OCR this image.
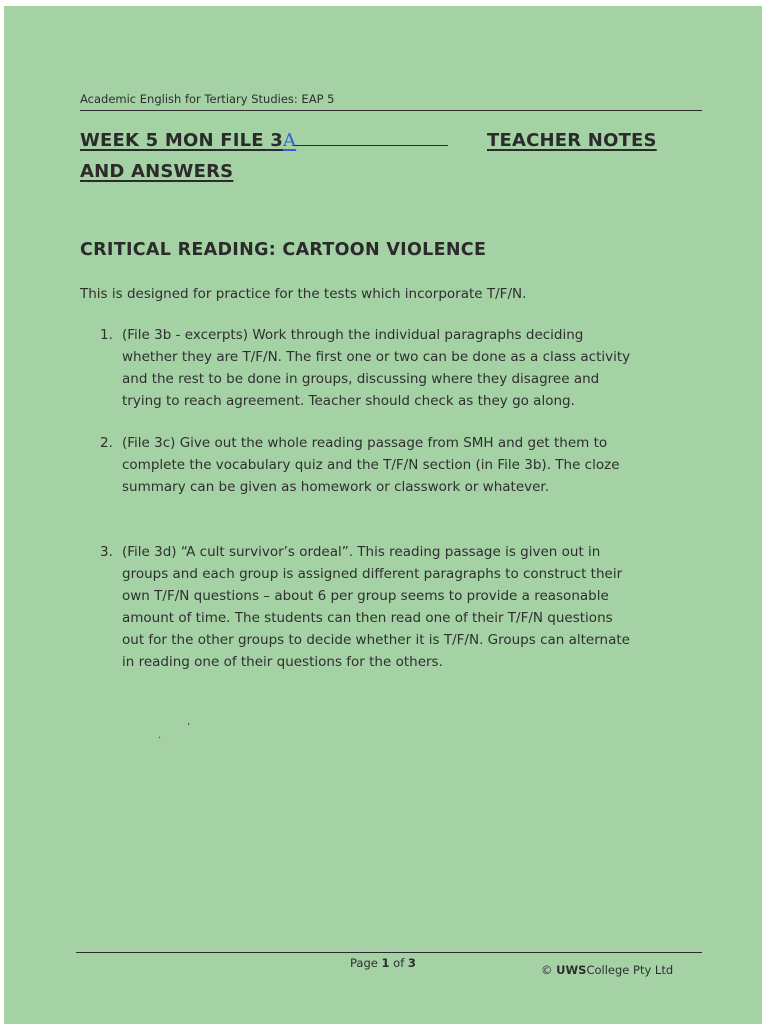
Academic English for Tertiary Studies: EAP 5
WEEK 5 MON FILE 3A	TEACHER NOTES
AND ANSWERS
CRITICAL READING: CARTOON VIOLENCE
This is designed for practice for the tests which incorporate T/F/N.
1. (File 3b - excerpts) Work through the individual paragraphs deciding
whether they are T/F/N. The first one or two can be done as a class activity
and the rest to be done in groups, discussing where they disagree and
trying to reach agreement. Teacher should check as they go along.
2. (File 3c) Give out the whole reading passage from SMH and get them to
complete the vocabulary quiz and the T/F/N section (in File 3b). The cloze
summary can be given as homework or classwork or whatever.
3. (File 3d) “A cult survivor’s ordeal”. This reading passage is given out in
groups and each group is assigned different paragraphs to construct their
own T/F/N questions – about 6 per group seems to provide a reasonable
amount of time. The students can then read one of their T/F/N questions
out for the other groups to decide whether it is T/F/N. Groups can alternate
in reading one of their questions for the others.
’
.
Page 1 of 3	© UWSCollege Pty Ltd
